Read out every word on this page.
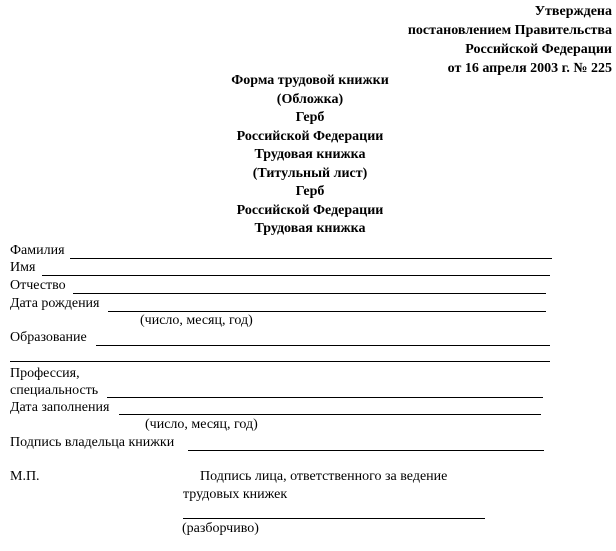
Утверждена
постановлением Правительства
Российской Федерации
от 16 апреля 2003 г. № 225
Форма трудовой книжки
(Обложка)
Герб
Российской Федерации
Трудовая книжка
(Титульный лист)
Герб
Российской Федерации
Трудовая книжка
Фамилия
Имя
Отчество
Дата рождения
(число, месяц, год)
Образование
Профессия,
специальность
Дата заполнения
(число, месяц, год)
Подпись владельца книжки
М.П.	Подпись лица, ответственного за ведение
трудовых книжек
(разборчиво)
